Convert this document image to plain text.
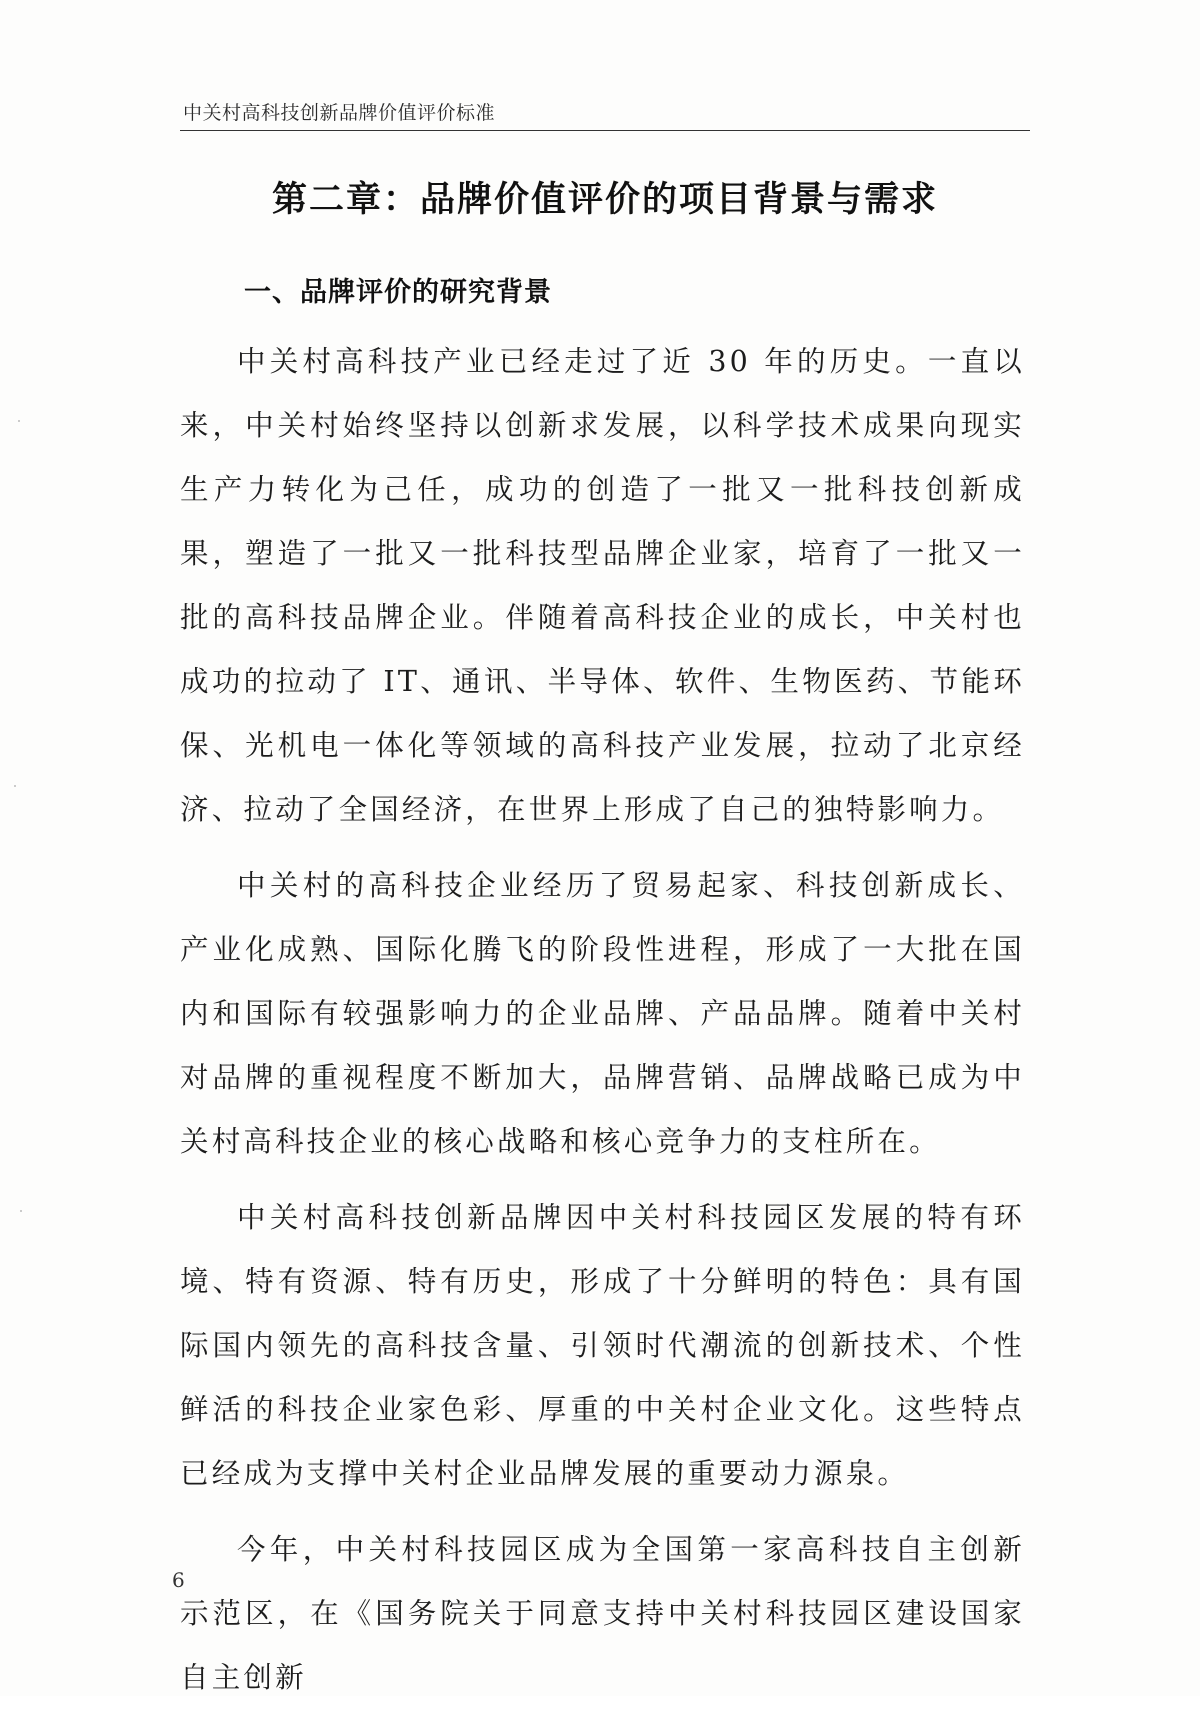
中关村高科技创新品牌价值评价标准
第二章：品牌价值评价的项目背景与需求
一、品牌评价的研究背景

中关村高科技产业已经走过了近 30 年的历史。一直以来，中关村始终坚持以创新求发展，以科学技术成果向现实生产力转化为己任，成功的创造了一批又一批科技创新成果，塑造了一批又一批科技型品牌企业家，培育了一批又一批的高科技品牌企业。伴随着高科技企业的成长，中关村也成功的拉动了 IT、通讯、半导体、软件、生物医药、节能环保、光机电一体化等领域的高科技产业发展，拉动了北京经济、拉动了全国经济，在世界上形成了自己的独特影响力。

中关村的高科技企业经历了贸易起家、科技创新成长、产业化成熟、国际化腾飞的阶段性进程，形成了一大批在国内和国际有较强影响力的企业品牌、产品品牌。随着中关村对品牌的重视程度不断加大，品牌营销、品牌战略已成为中关村高科技企业的核心战略和核心竞争力的支柱所在。

中关村高科技创新品牌因中关村科技园区发展的特有环境、特有资源、特有历史，形成了十分鲜明的特色：具有国际国内领先的高科技含量、引领时代潮流的创新技术、个性鲜活的科技企业家色彩、厚重的中关村企业文化。这些特点已经成为支撑中关村企业品牌发展的重要动力源泉。

今年，中关村科技园区成为全国第一家高科技自主创新示范区，在《国务院关于同意支持中关村科技园区建设国家自主创新

6
